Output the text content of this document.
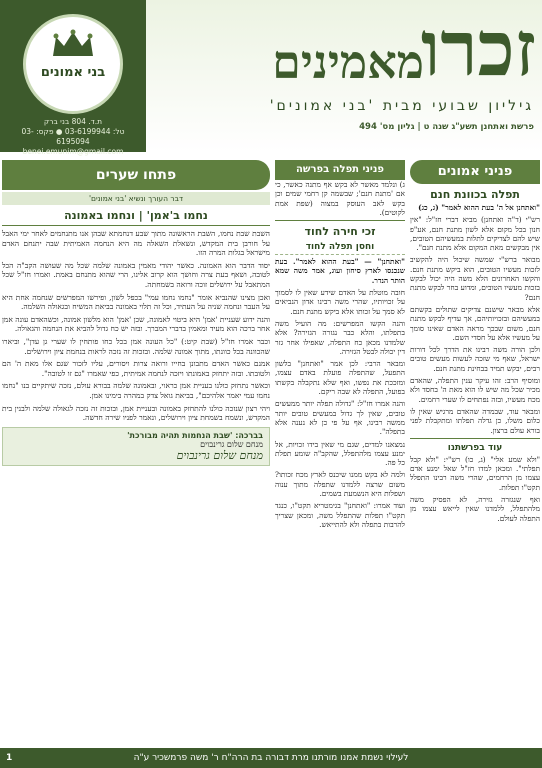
בני אמונים
ת.ד. 804 בני ברק
טל: 03-6199944 ● פקס: 03-6195094
benei.emunim@gmail.com
זכרו
מאמינים
גיליון שבועי מבית 'בני אמונים'
פרשת ואתחנן תשע"ג שנה ט | גליון מס' 494
פניני אמונים
תפלה בכוונת חנם

"ואתחנן אל ה' בעת ההוא לאמר" (ג, כג)

רש"י (ד"ה ואתחנן) מביא דברי חז"ל: "אין חנון בכל מקום אלא לשון מתנת חנם, אע"פ שיש להם לצדיקים לתלות במעשיהם הטובים, אין מבקשים מאת המקום אלא מתנת חנם".

מבואר ברש"י שמשה שיכול היה להקשיב לזכות מעשיו הטובים, הוא ביקש מתנת חנם. והקשו האחרונים הלא משה היה יכול לבקש בזכות מעשיו הטובים, ומדוע בחר לבקש מתנת חנם?

אלא מבאר שישנם צדיקים שתולים בקשתם במעשיהם ובזכויותיהם, אך עדיף לבקש מתנת חנם, משום שבכך מראה האדם שאינו סומך על מעשיו אלא על חסדי השם.

ולכן הורה משה רבינו את הדרך לכל דורות ישראל, שאף מי שזכה לעשות מעשים טובים רבים, יבקש תמיד בבחינת מתנת חנם.

ומוסיף הרב: זהו עיקר ענין התפלה, שהאדם מכיר שכל מה שיש לו הוא מאת ה' בחסד ולא מכח מעשיו, ובזה נפתחים לו שערי רחמים.

ומבאר עוד, שבמדה שהאדם מרגיש שאין לו כלום משלו, כן גדלה תפלתו ומתקבלת לפני בורא עולם ברצון.

עוד בפרשתנו

"ולא שמע אלי" (ג, כו) רש"י: "ולא קבל תפלתי". ומכאן למדו חז"ל שאל ימנע אדם עצמו מן הרחמים, שהרי משה רבינו התפלל תקט"ו תפלות.

ואף שנגזרה גזירה, לא הפסיק משה מלהתפלל, ללמדנו שאין לייאש עצמו מן התפלה לעולם.

פניני תפלה בפרשה

ג) ונלמד מאשר לא בקש אף מתנה כאשר, כי אם 'מתנת חנם'; שבשמה קן רחמי שמים וכן בקש לאב העוסק במצוה (שפת אמת לקוטים).

זכי חירה לחוד
וחסן תפלה לחוד

"ואתחנן" — "בעת ההוא לאמר". בעת שנכנסו לארץ סיחון ועוג, אמר משה שמא הותר הנדר.

חובה מוטלת על האדם שידע שאין לו לסמוך על זכויותיו, שהרי משה רבינו אדון הנביאים לא סמך על זכותו אלא ביקש מתנת חנם.

והנה הקשו המפרשים: מה הועיל משה בתפלתו, והלא כבר נגזרה הגזירה? אלא שלמדנו מכאן כח התפלה, שאפילו אחר גזר דין יכולה לבטל הגזירה.

ומבאר הרבי: לכן אמר "ואתחנן" בלשון התפעל, שהתפלה פועלת באדם עצמו, ומזככת את נפשו, ואף שלא נתקבלה בקשתו בפועל, התפלה לא שבה ריקם.

והנה אמרו חז"ל: "גדולה תפלה יותר ממעשים טובים, שאין לך גדול במעשים טובים יותר ממשה רבינו, אף על פי כן לא נענה אלא בתפלה".

נמצאנו למדים, שגם מי שאין בידו זכויות, אל ימנע עצמו מלהתפלל, שהקב"ה שומע תפלת כל פה.

ולמה לא בקש ממנו שיכנס לארץ מכח זכותו? משום שרצה ללמדנו שתפלה מתוך ענוה ושפלות היא הנשמעת בשמים.

ועוד אמרו: "ואתחנן" בגימטריא תקט"ו, כנגד תקט"ו תפלות שהתפלל משה, ומכאן שצריך להרבות בתפלה ולא להתייאש.

פתחו שערים
דבר העורך ונשיא 'בני אמונים'
נחמו ב'אמן' | ונחמו באמונה

השבת שבת נחמו, השבת הראשונה מתוך שבע דנחמתא שבהן אנו מתנחמים לאחר ימי האבל על חורבן בית המקדש, ונשאלת השאלה מה היא הנחמה האמיתית שבה יתנחם האדם מישראל בגלות המרה הזו.

יסוד הדבר הוא האמונה. כאשר יהודי מאמין באמונה שלמה שכל מה שעושה הקב"ה הכל לטובה, ושאף בעת צרה וחושך הוא קרוב אלינו, הרי שהוא מתנחם באמת. ואמרו חז"ל שכל המתאבל על ירושלים זוכה ורואה בשמחתה.

ואכן מצינו שהנביא אומר "נחמו נחמו עמי" בכפל לשון, ופירשו המפרשים שנחמה אחת היא על העבר ונחמה שניה על העתיד, וכל זה תלוי באמונה בביאת המשיח ובגאולה השלמה.

והנה ידוע שעניית 'אמן' היא ביטוי לאמונה, שכן 'אמן' הוא מלשון אמונה, וכשהאדם עונה אמן אחר ברכה הוא מעיד ומאמין בדברי המברך. ובזה יש כח גדול להביא את הנחמה והגאולה.

וכבר אמרו חז"ל (שבת קיט:) "כל העונה אמן בכל כחו פותחין לו שערי גן עדן", וביארו שהכוונה בכל כוונתו, מתוך אמונה שלמה. ובזכות זה נזכה לראות בנחמת ציון וירושלים.

אמנם כאשר האדם מתבונן בחייו ורואה צרות ויסורים, עליו לזכור שגם אלו מאת ה' הם ולטובתו. ובזה יתחזק באמונתו ויזכה לנחמה אמיתית, כפי שאמרו "גם זו לטובה".

וכאשר נתחזק כולנו בעניית אמן כראוי, ובאמונה שלמה בבורא עולם, נזכה שיתקיים בנו "נחמו נחמו עמי יאמר אלהיכם", בביאת גואל צדק במהרה בימינו אמן.

ויהי רצון שנזכה כולנו להתחזק באמונה ובעניית אמן, ובזכות זה נזכה לגאולה שלמה ולבנין בית המקדש, ונשמח בשמחת ציון וירושלים, ונאמר לפניו שירה חדשה.

בברכה: 'שבת הנחמות תהיה מבורכת'
מנחם שלום גרינבוים
מנחם שלום גרינבוים
לעילוי נשמת אמנו מורתנו מרת דבורה בת הרה"ח ר' משה פרמשכיר ע"ה
1
